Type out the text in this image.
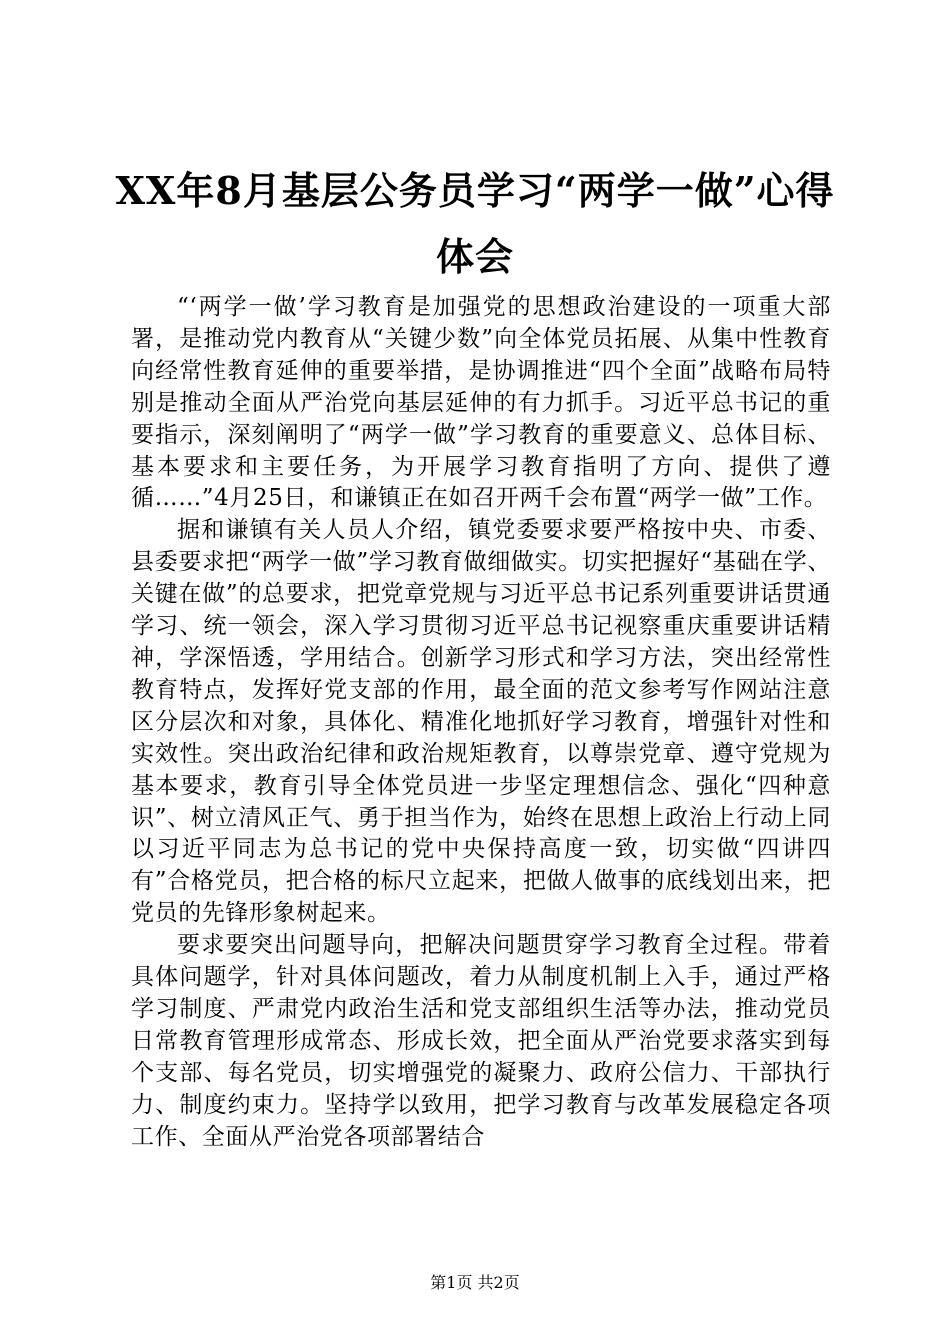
XX年8月基层公务员学习“两学一做”心得体会

“‘两学一做’学习教育是加强党的思想政治建设的一项重大部署，是推动党内教育从“关键少数”向全体党员拓展、从集中性教育向经常性教育延伸的重要举措，是协调推进“四个全面”战略布局特别是推动全面从严治党向基层延伸的有力抓手。习近平总书记的重要指示，深刻阐明了“两学一做”学习教育的重要意义、总体目标、基本要求和主要任务，为开展学习教育指明了方向、提供了遵循……”4月25日，和谦镇正在如召开两千会布置“两学一做”工作。

据和谦镇有关人员人介绍，镇党委要求要严格按中央、市委、县委要求把“两学一做”学习教育做细做实。切实把握好“基础在学、关键在做”的总要求，把党章党规与习近平总书记系列重要讲话贯通学习、统一领会，深入学习贯彻习近平总书记视察重庆重要讲话精神，学深悟透，学用结合。创新学习形式和学习方法，突出经常性教育特点，发挥好党支部的作用，最全面的范文参考写作网站注意区分层次和对象，具体化、精准化地抓好学习教育，增强针对性和实效性。突出政治纪律和政治规矩教育，以尊崇党章、遵守党规为基本要求，教育引导全体党员进一步坚定理想信念、强化“四种意识”、树立清风正气、勇于担当作为，始终在思想上政治上行动上同以习近平同志为总书记的党中央保持高度一致，切实做“四讲四有”合格党员，把合格的标尺立起来，把做人做事的底线划出来，把党员的先锋形象树起来。

要求要突出问题导向，把解决问题贯穿学习教育全过程。带着具体问题学，针对具体问题改，着力从制度机制上入手，通过严格学习制度、严肃党内政治生活和党支部组织生活等办法，推动党员日常教育管理形成常态、形成长效，把全面从严治党要求落实到每个支部、每名党员，切实增强党的凝聚力、政府公信力、干部执行力、制度约束力。坚持学以致用，把学习教育与改革发展稳定各项工作、全面从严治党各项部署结合

第1页 共2页
